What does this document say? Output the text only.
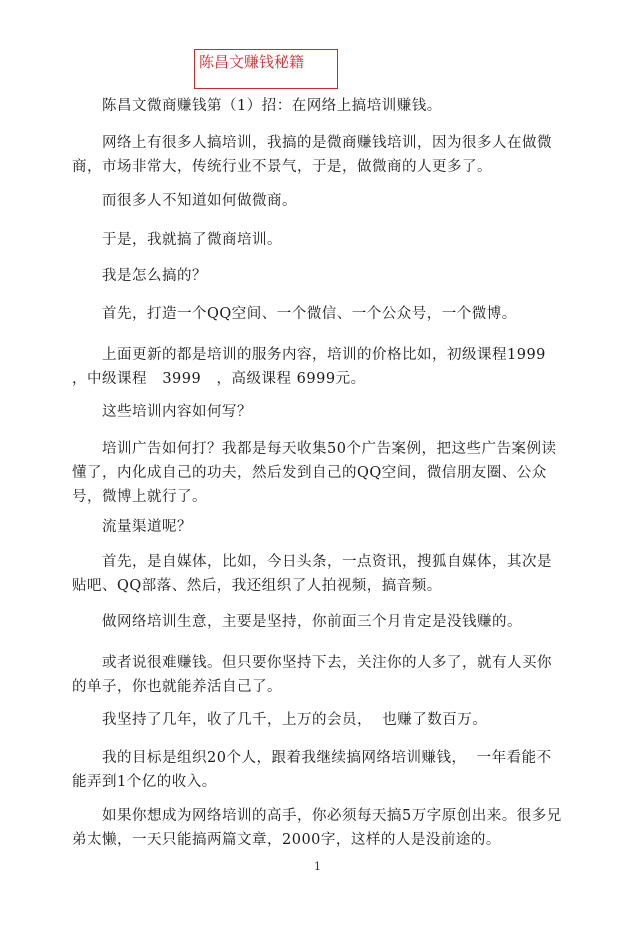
陈昌文赚钱秘籍
陈昌文微商赚钱第（1）招：在网络上搞培训赚钱。
网络上有很多人搞培训，我搞的是微商赚钱培训，因为很多人在做微商，市场非常大，传统行业不景气，于是，做微商的人更多了。
而很多人不知道如何做微商。
于是，我就搞了微商培训。
我是怎么搞的？
首先，打造一个QQ空间、一个微信、一个公众号，一个微博。
上面更新的都是培训的服务内容，培训的价格比如，初级课程1999   ，中级课程   3999   ，高级课程 6999元。
这些培训内容如何写？
培训广告如何打？我都是每天收集50个广告案例，把这些广告案例读懂了，内化成自己的功夫，然后发到自己的QQ空间，微信朋友圈、公众号，微博上就行了。
流量渠道呢？
首先，是自媒体，比如，今日头条，一点资讯，搜狐自媒体，其次是贴吧、QQ部落、然后，我还组织了人拍视频，搞音频。
做网络培训生意，主要是坚持，你前面三个月肯定是没钱赚的。
或者说很难赚钱。但只要你坚持下去，关注你的人多了，就有人买你的单子，你也就能养活自己了。
我坚持了几年，收了几千，上万的会员，  也赚了数百万。
我的目标是组织20个人，跟着我继续搞网络培训赚钱，  一年看能不能弄到1个亿的收入。
如果你想成为网络培训的高手，你必须每天搞5万字原创出来。很多兄弟太懒，一天只能搞两篇文章，2000字，这样的人是没前途的。
1
